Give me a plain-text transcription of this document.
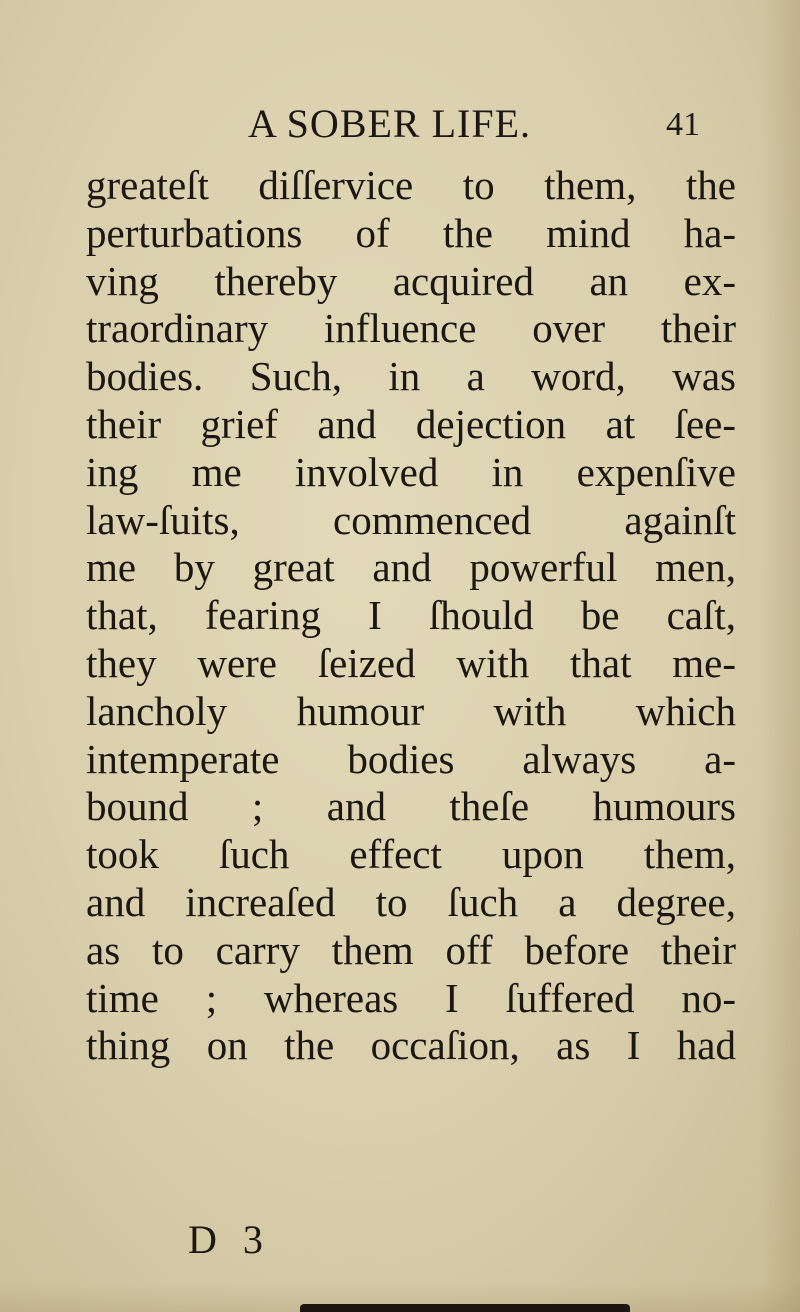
A SOBER LIFE.	41
greateſt diſſervice to them, the
perturbations of the mind ha-
ving thereby acquired an ex-
traordinary influence over their
bodies. Such, in a word, was
their grief and dejection at ſee-
ing me involved in expenſive
law-ſuits, commenced againſt
me by great and powerful men,
that, fearing I ſhould be caſt,
they were ſeized with that me-
lancholy humour with which
intemperate bodies always a-
bound ; and theſe humours
took ſuch effect upon them,
and increaſed to ſuch a degree,
as to carry them off before their
time ; whereas I ſuffered no-
thing on the occaſion, as I had
D 3
